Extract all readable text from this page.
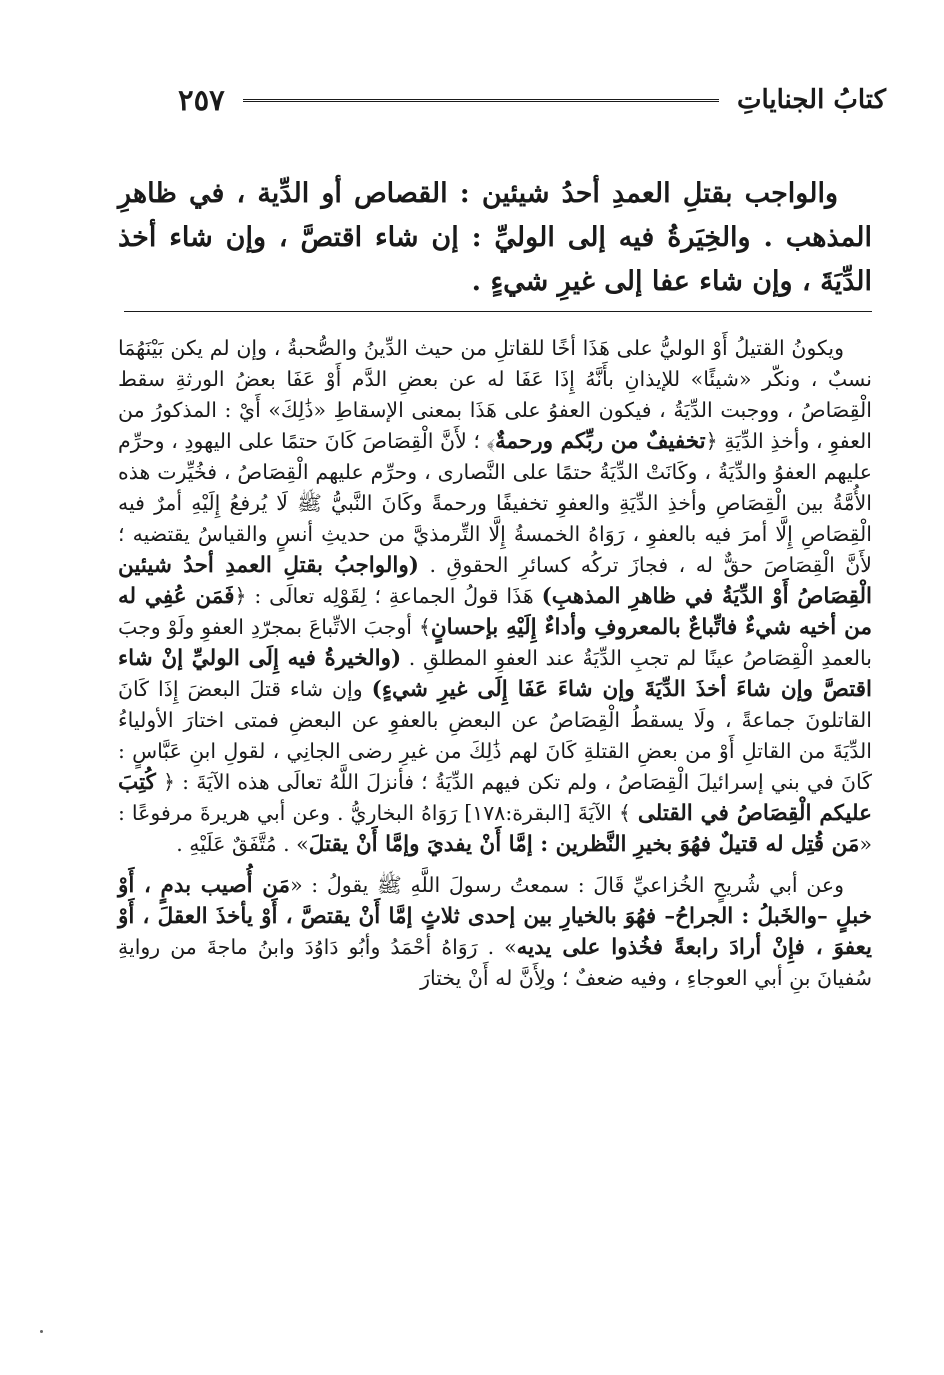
٢٥٧	كتابُ الجناياتِ

والواجب بقتلِ العمدِ أحدُ شيئين : القصاص أو الدِّية ، في ظاهرِ المذهب . والخِيَرةُ فيه إلى الوليِّ : إن شاء اقتصَّ ، وإن شاء أخذ الدِّيَةَ ، وإن شاء عفا إلى غيرِ شيءٍ .

ويكونُ القتيلُ أَوْ الوليُّ على هَذَا أخًا للقاتلِ من حيث الدِّينُ والصُّحبةُ ، وإن لم يكن بَيْنَهُمَا نسبٌ ، ونكّر «شيئًا» للإيذانِ بأَنَّهُ إِذَا عَفَا له عن بعضِ الدَّم أَوْ عَفَا بعضُ الورثةِ سقط الْقِصَاصُ ، ووجبت الدِّيَةُ ، فيكون العفوُ على هَذَا بمعنى الإسقاطِ «ذَٰلِكَ» أَيْ : المذكورُ من العفوِ ، وأخذِ الدِّيَةِ ﴿تخفيفٌ من ربِّكم ورحمةٌ﴾ ؛ لأَنَّ الْقِصَاصَ كَانَ حتمًا على اليهودِ ، وحرِّم عليهم العفوُ والدِّيَةُ ، وكَانَتْ الدِّيَةُ حتمًا على النَّصارى ، وحرِّم عليهم الْقِصَاصُ ، فخُيِّرت هذه الأُمَّةُ بين الْقِصَاصِ وأخذِ الدِّيَةِ والعفوِ تخفيفًا ورحمةً وكَانَ النَّبيُّ ﷺ لَا يُرفعُ إِلَيْهِ أمرٌ فيه الْقِصَاصِ إِلَّا أمرَ فيه بالعفوِ ، رَوَاهُ الخمسةُ إِلَّا التِّرمذيَّ من حديثِ أنسٍ والقياسُ يقتضيه ؛ لأَنَّ الْقِصَاصَ حقٌّ له ، فجازَ تركُه كسائرِ الحقوقِ . (والواجبُ بقتلِ العمدِ أحدُ شيئين الْقِصَاصُ أَوْ الدِّيَةُ في ظاهرِ المذهبِ) هَذَا قولُ الجماعةِ ؛ لِقَوْلِه تعالَى : ﴿فَمَن عُفِي له من أخيه شيءٌ فاتِّباعٌ بالمعروفِ وأداءٌ إِلَيْهِ بإحسانٍ﴾ أوجبَ الاتِّباعَ بمجرّدِ العفوِ ولَوْ وجبَ بالعمدِ الْقِصَاصُ عينًا لم تجبِ الدِّيَةُ عند العفوِ المطلقِ . (والخيرةُ فيه إِلَى الوليِّ إنْ شاء اقتصَّ وإن شاءَ أخذَ الدِّيَةَ وإن شاءَ عَفَا إِلَى غيرِ شيءٍ) وإن شاء قتلَ البعضَ إِذَا كَانَ القاتلونَ جماعةً ، ولَا يسقطُ الْقِصَاصُ عن البعضِ بالعفوِ عن البعضِ فمتى اختارَ الأولياءُ الدِّيَةَ من القاتلِ أَوْ من بعضِ القتلةِ كَانَ لهم ذَٰلِكَ من غيرِ رضى الجانِي ، لقولِ ابنِ عَبَّاسٍ : كَانَ في بني إسرائيلَ الْقِصَاصُ ، ولم تكن فيهم الدِّيَةُ ؛ فأنزلَ اللَّهُ تعالَى هذه الآيَةَ : ﴿ كُتِبَ عليكم الْقِصَاصُ في القتلى ﴾ الآيَةَ [البقرة:١٧٨] رَوَاهُ البخاريُّ . وعن أبي هريرةَ مرفوعًا : «مَن قُتِل له قتيلٌ فهُوَ بخيرِ النَّظرين : إمَّا أَنْ يفديَ وإمَّا أَنْ يقتلَ» . مُتَّفَقٌ عَلَيْهِ .

وعن أبي شُريحٍ الخُزاعيِّ قَالَ : سمعتُ رسولَ اللَّهِ ﷺ يقولُ : «مَن أُصيب بدمٍ ، أَوْ خبلٍ –والخَبلُ : الجراحُ– فهُوَ بالخيارِ بين إحدى ثلاثٍ إمَّا أَنْ يقتصَّ ، أَوْ يأخذَ العقلَ ، أَوْ يعفوَ ، فإِنْ أرادَ رابعةً فخُذوا على يديه» . رَوَاهُ أحْمَدُ وأبُو دَاوُدَ وابنُ ماجةَ من روايةِ سُفيانَ بنِ أبي العوجاءِ ، وفيه ضعفٌ ؛ ولِأَنَّ له أَنْ يختارَ
